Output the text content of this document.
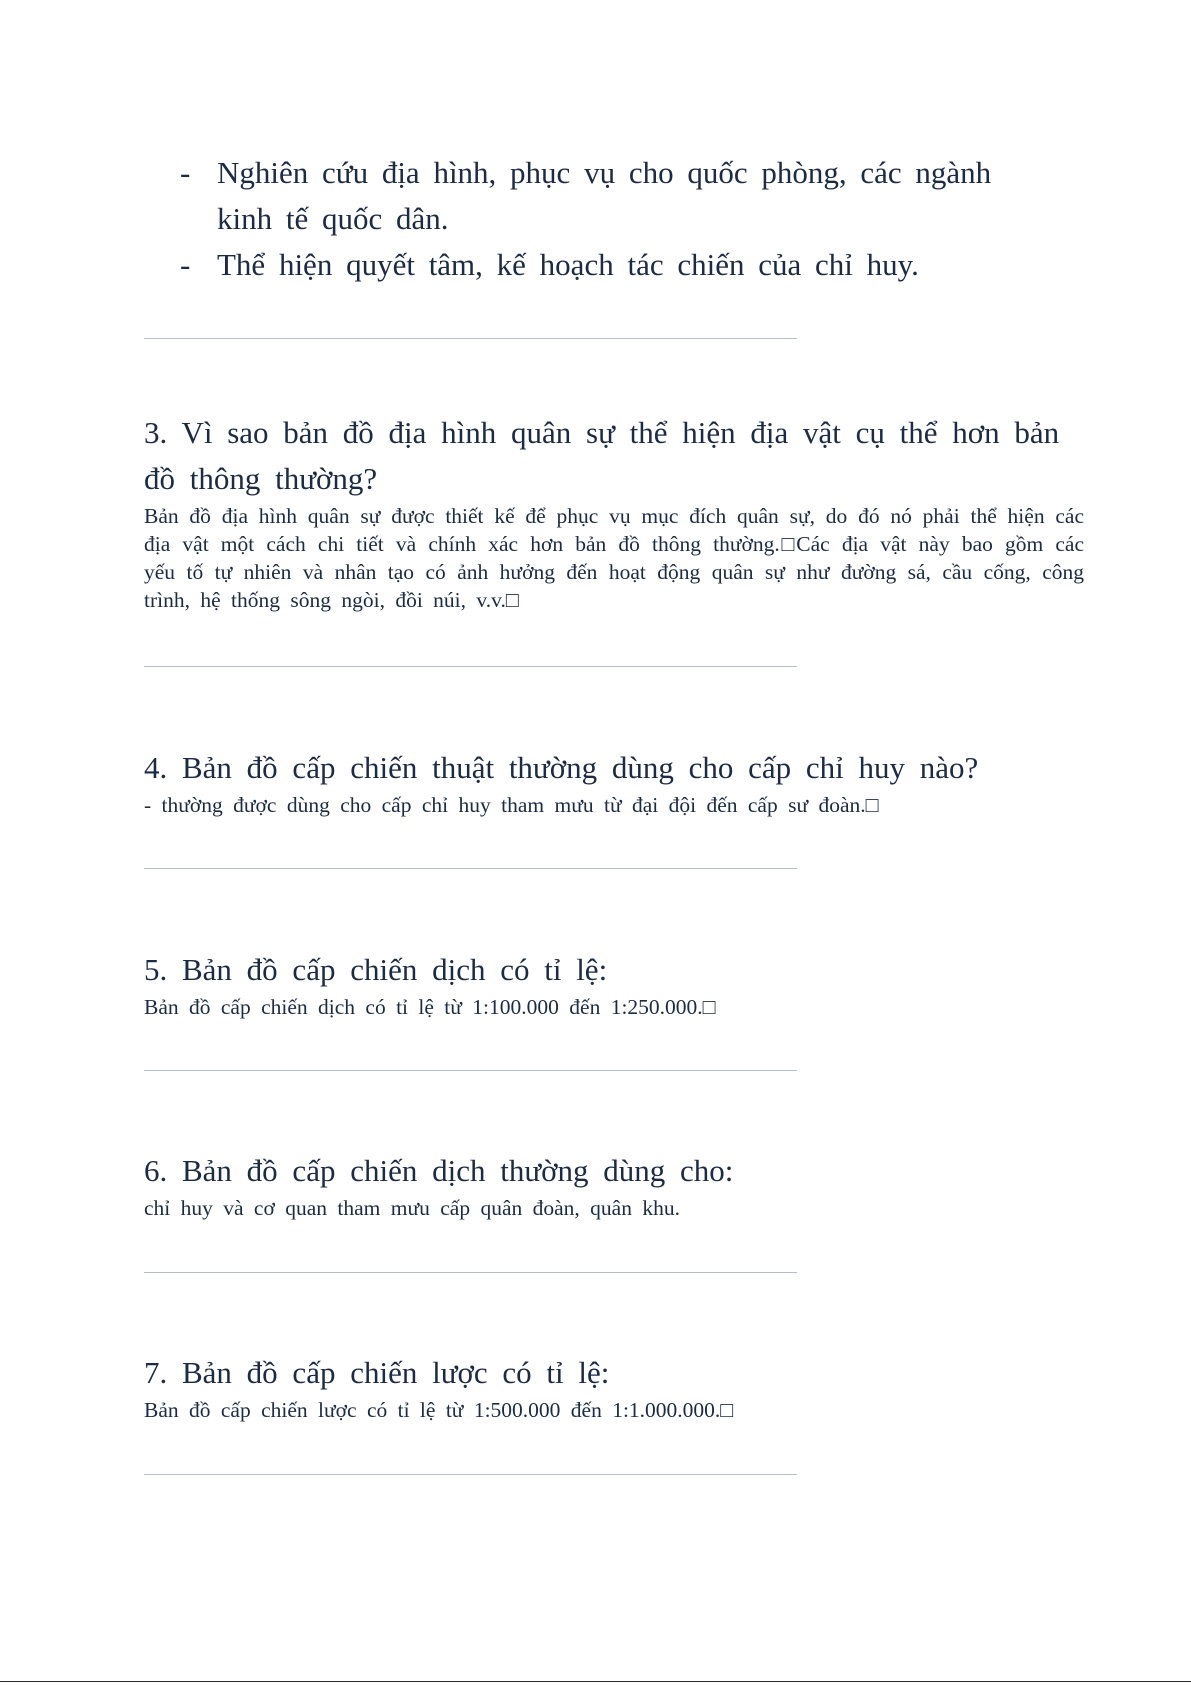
- Nghiên cứu địa hình, phục vụ cho quốc phòng, các ngành kinh tế quốc dân.
- Thể hiện quyết tâm, kế hoạch tác chiến của chỉ huy.
3. Vì sao bản đồ địa hình quân sự thể hiện địa vật cụ thể hơn bản đồ thông thường?

Bản đồ địa hình quân sự được thiết kế để phục vụ mục đích quân sự, do đó nó phải thể hiện các địa vật một cách chi tiết và chính xác hơn bản đồ thông thường.□Các địa vật này bao gồm các yếu tố tự nhiên và nhân tạo có ảnh hưởng đến hoạt động quân sự như đường sá, cầu cống, công trình, hệ thống sông ngòi, đồi núi, v.v.□

4. Bản đồ cấp chiến thuật thường dùng cho cấp chỉ huy nào?

- thường được dùng cho cấp chỉ huy tham mưu từ đại đội đến cấp sư đoàn.□

5. Bản đồ cấp chiến dịch có tỉ lệ:

Bản đồ cấp chiến dịch có tỉ lệ từ 1:100.000 đến 1:250.000.□

6. Bản đồ cấp chiến dịch thường dùng cho:

chỉ huy và cơ quan tham mưu cấp quân đoàn, quân khu.

7. Bản đồ cấp chiến lược có tỉ lệ:

Bản đồ cấp chiến lược có tỉ lệ từ 1:500.000 đến 1:1.000.000.□
